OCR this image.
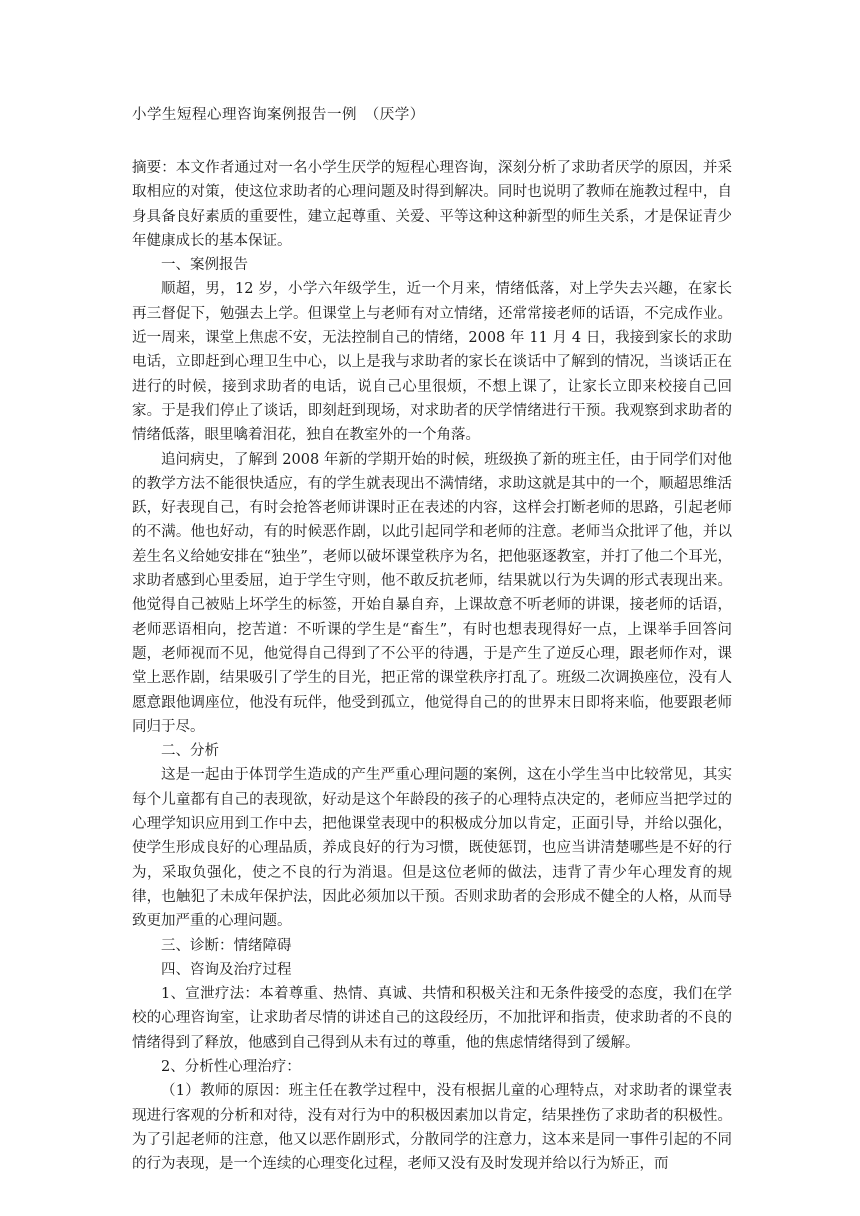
小学生短程心理咨询案例报告一例　（厌学）

摘要：本文作者通过对一名小学生厌学的短程心理咨询，深刻分析了求助者厌学的原因，并采取相应的对策，使这位求助者的心理问题及时得到解决。同时也说明了教师在施教过程中，自身具备良好素质的重要性，建立起尊重、关爱、平等这种这种新型的师生关系，才是保证青少年健康成长的基本保证。

一、案例报告

顺超，男，12 岁，小学六年级学生，近一个月来，情绪低落，对上学失去兴趣，在家长再三督促下，勉强去上学。但课堂上与老师有对立情绪，还常常接老师的话语，不完成作业。近一周来，课堂上焦虑不安，无法控制自己的情绪，2008 年 11 月 4 日，我接到家长的求助电话，立即赶到心理卫生中心，以上是我与求助者的家长在谈话中了解到的情况，当谈话正在进行的时候，接到求助者的电话，说自己心里很烦，不想上课了，让家长立即来校接自己回家。于是我们停止了谈话，即刻赶到现场，对求助者的厌学情绪进行干预。我观察到求助者的情绪低落，眼里噙着泪花，独自在教室外的一个角落。

追问病史，了解到 2008 年新的学期开始的时候，班级换了新的班主任，由于同学们对他的教学方法不能很快适应，有的学生就表现出不满情绪，求助这就是其中的一个，顺超思维活跃，好表现自己，有时会抢答老师讲课时正在表述的内容，这样会打断老师的思路，引起老师的不满。他也好动，有的时候恶作剧，以此引起同学和老师的注意。老师当众批评了他，并以差生名义给她安排在“独坐”，老师以破坏课堂秩序为名，把他驱逐教室，并打了他二个耳光，求助者感到心里委屈，迫于学生守则，他不敢反抗老师，结果就以行为失调的形式表现出来。他觉得自己被贴上坏学生的标签，开始自暴自弃，上课故意不听老师的讲课，接老师的话语，老师恶语相向，挖苦道：不听课的学生是“畜生”，有时也想表现得好一点，上课举手回答问题，老师视而不见，他觉得自己得到了不公平的待遇，于是产生了逆反心理，跟老师作对，课堂上恶作剧，结果吸引了学生的目光，把正常的课堂秩序打乱了。班级二次调换座位，没有人愿意跟他调座位，他没有玩伴，他受到孤立，他觉得自己的的世界末日即将来临，他要跟老师同归于尽。

二、分析

这是一起由于体罚学生造成的产生严重心理问题的案例，这在小学生当中比较常见，其实每个儿童都有自己的表现欲，好动是这个年龄段的孩子的心理特点决定的，老师应当把学过的心理学知识应用到工作中去，把他课堂表现中的积极成分加以肯定，正面引导，并给以强化，使学生形成良好的心理品质，养成良好的行为习惯，既使惩罚，也应当讲清楚哪些是不好的行为，采取负强化，使之不良的行为消退。但是这位老师的做法，违背了青少年心理发育的规律，也触犯了未成年保护法，因此必须加以干预。否则求助者的会形成不健全的人格，从而导致更加严重的心理问题。

三、诊断：情绪障碍

四、咨询及治疗过程

1、宣泄疗法：本着尊重、热情、真诚、共情和积极关注和无条件接受的态度，我们在学校的心理咨询室，让求助者尽情的讲述自己的这段经历，不加批评和指责，使求助者的不良的情绪得到了释放，他感到自己得到从未有过的尊重，他的焦虑情绪得到了缓解。

2、分析性心理治疗：

（1）教师的原因：班主任在教学过程中，没有根据儿童的心理特点，对求助者的课堂表现进行客观的分析和对待，没有对行为中的积极因素加以肯定，结果挫伤了求助者的积极性。为了引起老师的注意，他又以恶作剧形式，分散同学的注意力，这本来是同一事件引起的不同的行为表现，是一个连续的心理变化过程，老师又没有及时发现并给以行为矫正，而
